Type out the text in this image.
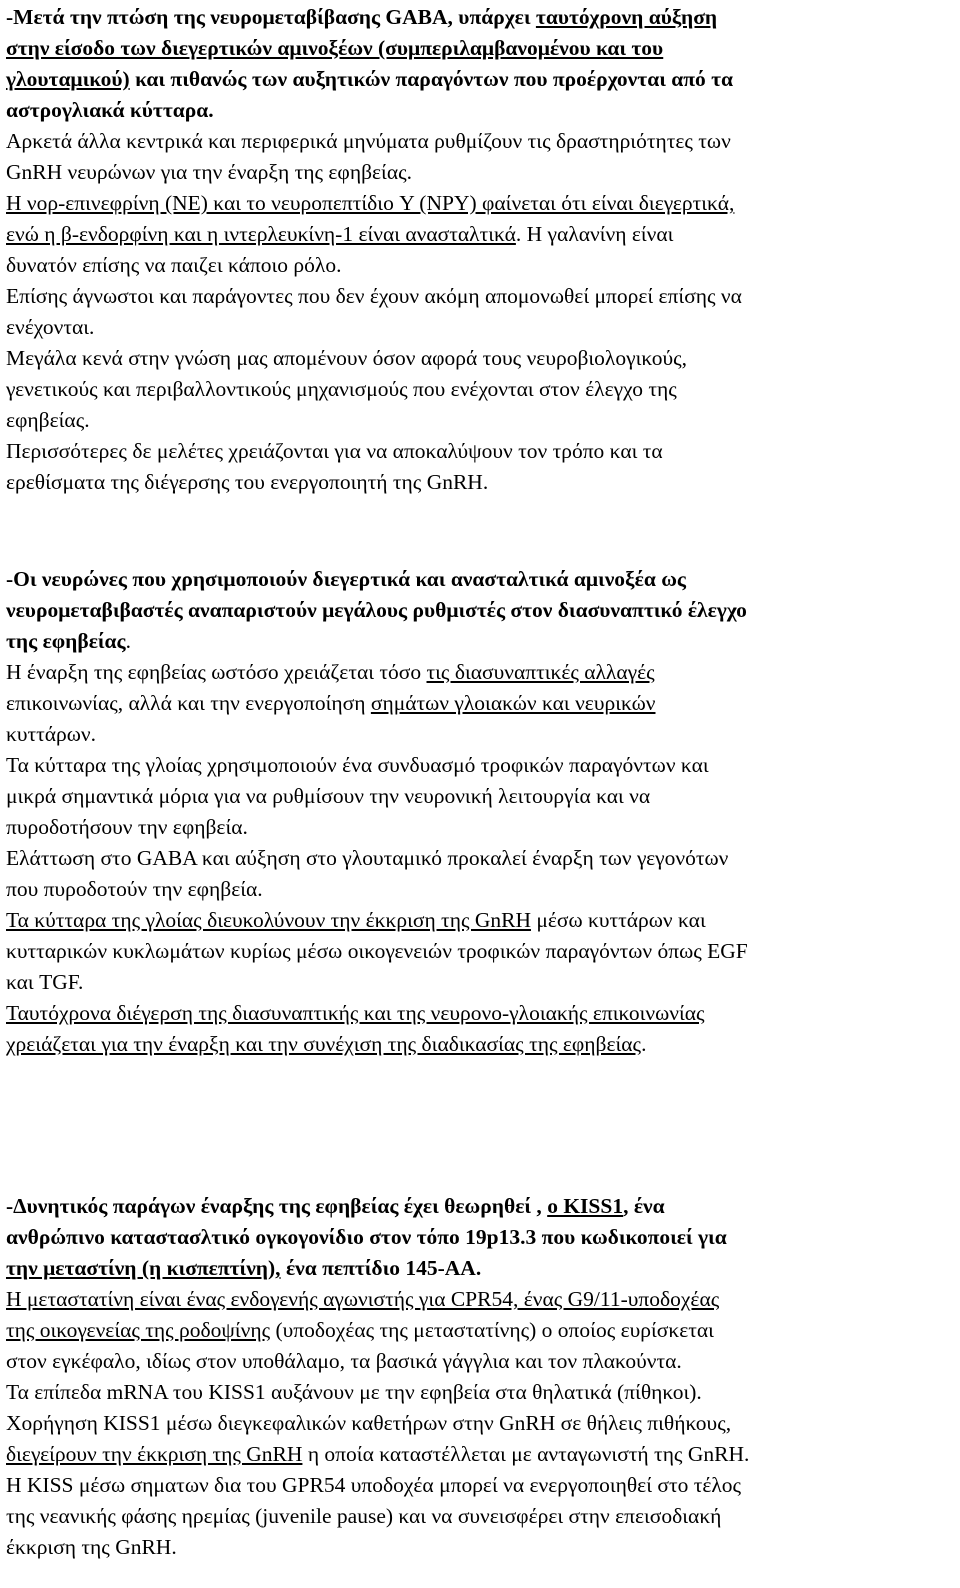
-Μετά την πτώση της νευρομεταβίβασης GABA, υπάρχει ταυτόχρονη αύξηση
στην είσοδο των διεγερτικών αμινοξέων (συμπεριλαμβανομένου και του
γλουταμικού) και πιθανώς των αυξητικών παραγόντων που προέρχονται από τα
αστρογλιακά κύτταρα.
Αρκετά άλλα κεντρικά και περιφερικά μηνύματα ρυθμίζουν τις δραστηριότητες των
GnRH νευρώνων για την έναρξη της εφηβείας.
Η νορ-επινεφρίνη (ΝΕ) και το νευροπεπτίδιο Y (NPY) φαίνεται ότι είναι διεγερτικά,
ενώ η β-ενδορφίνη και η ιντερλευκίνη-1 είναι ανασταλτικά. Η γαλανίνη είναι
δυνατόν επίσης να παιζει κάποιο ρόλο.
Επίσης άγνωστοι και παράγοντες που δεν έχουν ακόμη απομονωθεί μπορεί επίσης να
ενέχονται.
Μεγάλα κενά στην γνώση μας απομένουν όσον αφορά τους νευροβιολογικούς,
γενετικούς και περιβαλλοντικούς μηχανισμούς που ενέχονται στον έλεγχο της
εφηβείας.
Περισσότερες δε μελέτες χρειάζονται για να αποκαλύψουν τον τρόπο και τα
ερεθίσματα της διέγερσης του ενεργοποιητή της GnRH.
-Οι νευρώνες που χρησιμοποιούν διεγερτικά και ανασταλτικά αμινοξέα ως
νευρομεταβιβαστές αναπαριστούν μεγάλους ρυθμιστές στον διασυναπτικό έλεγχο
της εφηβείας.
Η έναρξη της εφηβείας ωστόσο χρειάζεται τόσο τις διασυναπτικές αλλαγές
επικοινωνίας, αλλά και την ενεργοποίηση σημάτων γλοιακών και νευρικών
κυττάρων.
Τα κύτταρα της γλοίας χρησιμοποιούν ένα συνδυασμό τροφικών παραγόντων και
μικρά σημαντικά μόρια για να ρυθμίσουν την νευρονική λειτουργία και να
πυροδοτήσουν την εφηβεία.
Ελάττωση στο GABA και αύξηση στο γλουταμικό προκαλεί έναρξη των γεγονότων
που πυροδοτούν την εφηβεία.
Τα κύτταρα της γλοίας διευκολύνουν την έκκριση της GnRH μέσω κυττάρων και
κυτταρικών κυκλωμάτων κυρίως μέσω οικογενειών τροφικών παραγόντων όπως EGF
και TGF.
Ταυτόχρονα διέγερση της διασυναπτικής και της νευρονο-γλοιακής επικοινωνίας
χρειάζεται για την έναρξη και την συνέχιση της διαδικασίας της εφηβείας.
-Δυνητικός παράγων έναρξης της εφηβείας έχει θεωρηθεί , ο KISS1, ένα
ανθρώπινο καταστασλτικό ογκογονίδιο στον τόπο 19p13.3 που κωδικοποιεί για
την μεταστίνη (η κισπεπτίνη), ένα πεπτίδιο 145-AA.
Η μεταστατίνη είναι ένας ενδογενής αγωνιστής για CPR54, ένας G9/11-υποδοχέας
της οικογενείας της ροδοψίνης (υποδοχέας της μεταστατίνης) ο οποίος ευρίσκεται
στον εγκέφαλο, ιδίως στον υποθάλαμο, τα βασικά γάγγλια και τον πλακούντα.
Τα επίπεδα mRNA του KISS1 αυξάνουν με την εφηβεία στα θηλατικά (πίθηκοι).
Χορήγηση KISS1 μέσω διεγκεφαλικών καθετήρων στην GnRH σε θήλεις πιθήκους,
διεγείρουν την έκκριση της GnRH η οποία καταστέλλεται με ανταγωνιστή της GnRH.
Η KISS μέσω σηματων δια του GPR54 υποδοχέα μπορεί να ενεργοποιηθεί στο τέλος
της νεανικής φάσης ηρεμίας (juvenile pause) και να συνεισφέρει στην επεισοδιακή
έκκριση της GnRH.
